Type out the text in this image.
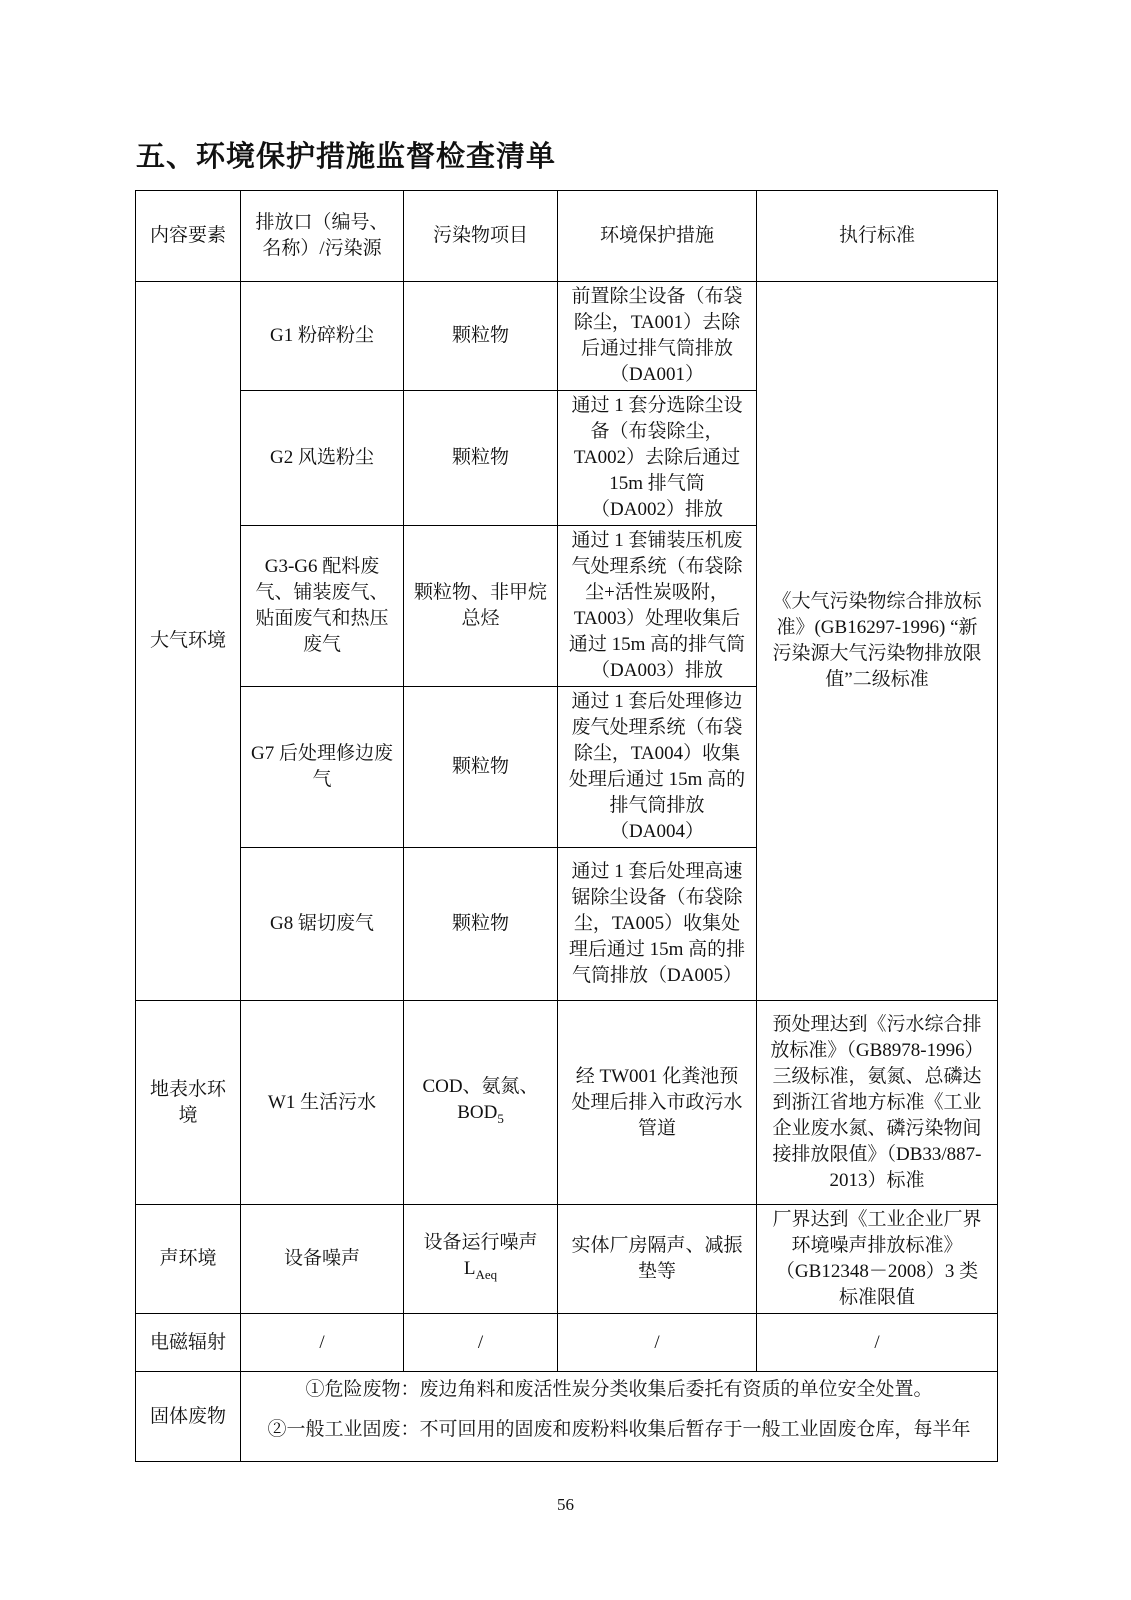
五、环境保护措施监督检查清单
内容要素	排放口（编号、名称）/污染源	污染物项目	环境保护措施	执行标准
大气环境	G1 粉碎粉尘	颗粒物	前置除尘设备（布袋除尘，TA001）去除后通过排气筒排放（DA001）	《大气污染物综合排放标准》(GB16297-1996) “新污染源大气污染物排放限值”二级标准
	G2 风选粉尘	颗粒物	通过 1 套分选除尘设备（布袋除尘，TA002）去除后通过 15m 排气筒（DA002）排放	
	G3-G6 配料废气、铺装废气、贴面废气和热压废气	颗粒物、非甲烷总烃	通过 1 套铺装压机废气处理系统（布袋除尘+活性炭吸附，TA003）处理收集后通过 15m 高的排气筒（DA003）排放	
	G7 后处理修边废气	颗粒物	通过 1 套后处理修边废气处理系统（布袋除尘，TA004）收集处理后通过 15m 高的排气筒排放（DA004）	
	G8 锯切废气	颗粒物	通过 1 套后处理高速锯除尘设备（布袋除尘，TA005）收集处理后通过 15m 高的排气筒排放（DA005）	
地表水环境	W1 生活污水	COD、氨氮、$BOD_5$	经 TW001 化粪池预处理后排入市政污水管道	预处理达到《污水综合排放标准》（GB8978-1996）三级标准，氨氮、总磷达到浙江省地方标准《工业企业废水氮、磷污染物间接排放限值》（DB33/887-2013）标准
声环境	设备噪声	设备运行噪声 $L_{Aeq}$	实体厂房隔声、减振垫等	厂界达到《工业企业厂界环境噪声排放标准》（GB12348－2008）3 类标准限值
电磁辐射	/	/	/	/
固体废物	①危险废物：废边角料和废活性炭分类收集后委托有资质的单位安全处置。
②一般工业固废：不可回用的固废和废粉料收集后暂存于一般工业固废仓库，每半年			
56
